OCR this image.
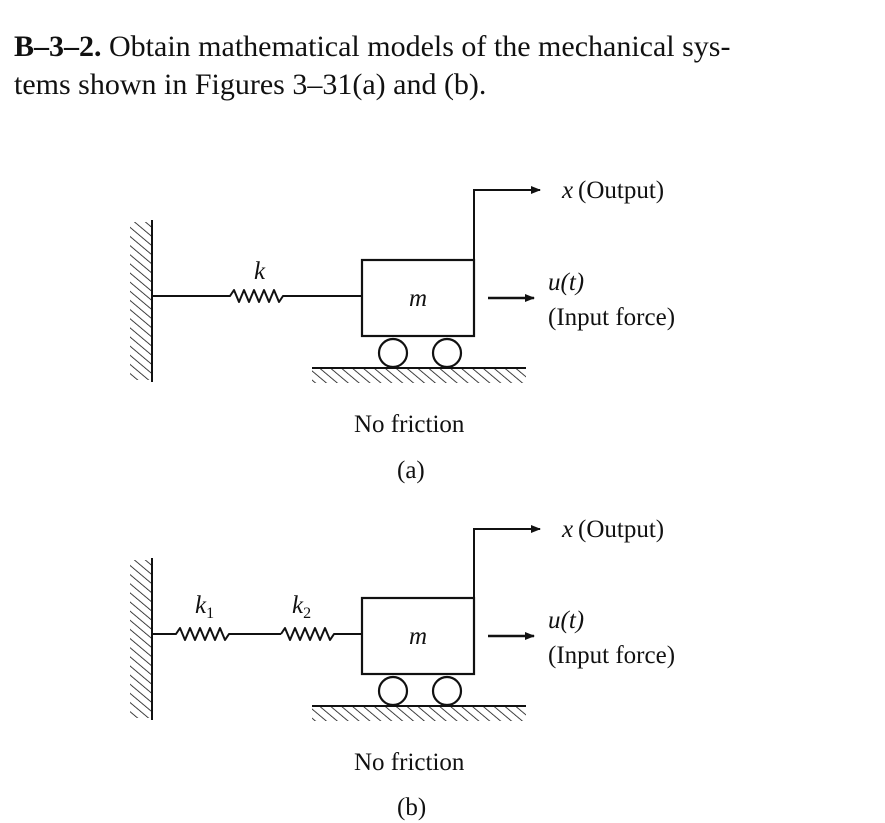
B–3–2. Obtain mathematical models of the mechanical sys-
tems shown in Figures 3–31(a) and (b).
k
m
x (Output)
u(t)
(Input force)
No friction
(a)
$k_1$	$k_2$
m
x (Output)
u(t)
(Input force)
No friction
(b)
